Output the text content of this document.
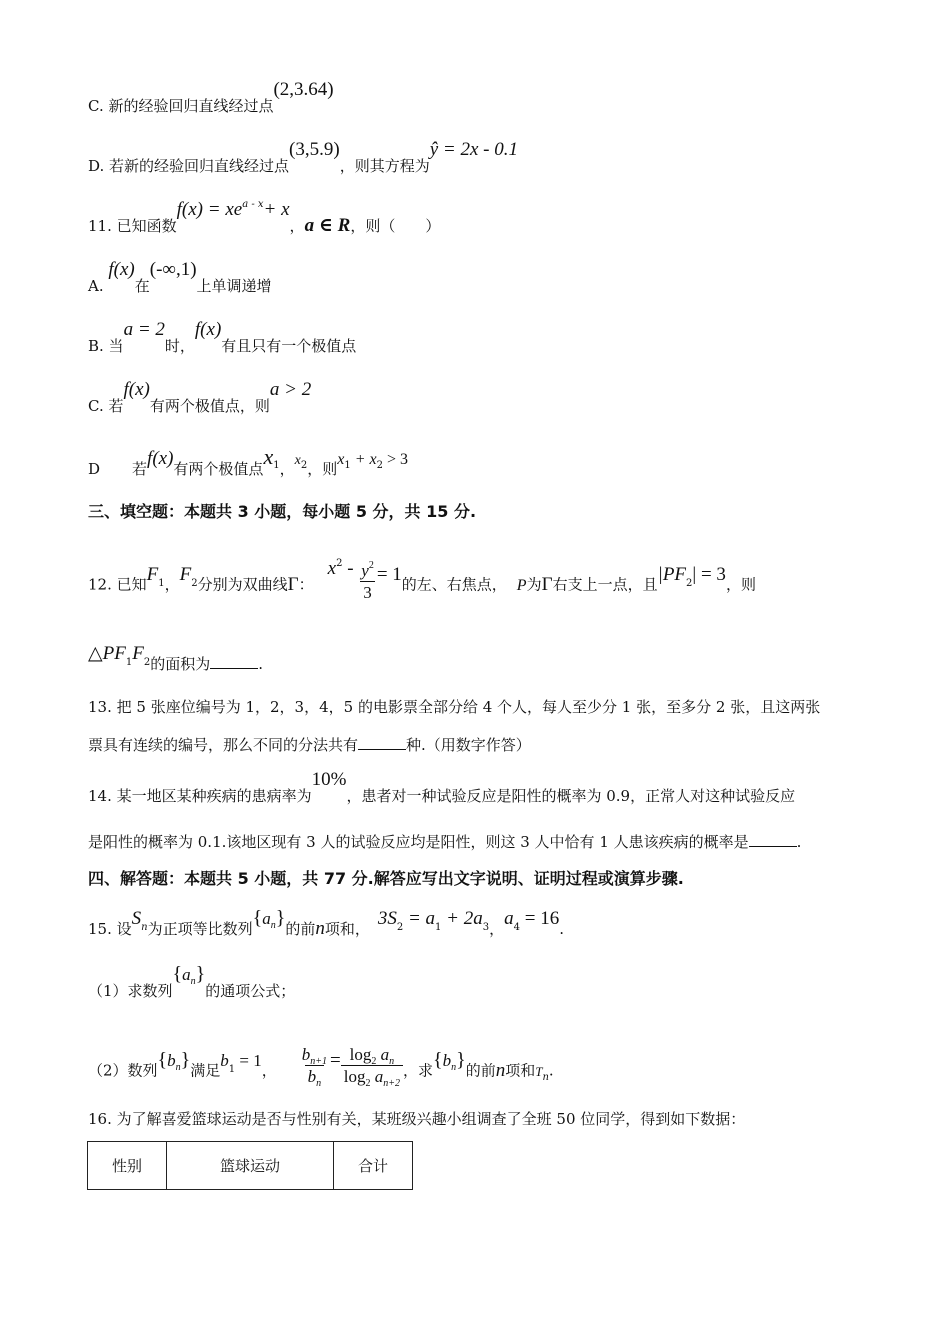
C. 新的经验回归直线经过点(2,3.64)
D. 若新的经验回归直线经过点(3,5.9)，则其方程为ŷ = 2x - 0.1
11. 已知函数$f(x) = xe^{a - x}+ x$，a ∈ R，则（　　）
A. f(x)在(-∞,1)上单调递增
B. 当a = 2时，f(x)有且只有一个极值点
C. 若f(x)有两个极值点，则a > 2
D 若f(x)有两个极值点$x^1$，$x^2$，则$x^1 + x^2 > 3$
三、填空题：本题共 3 小题，每小题 5 分，共 15 分.
12. 已知$F^1$，$F^2$分别为双曲线Γ：$x^2 - \frac{y^2}{3} = 1$的左、右焦点， P为Γ右支上一点，且$|PF^2| = 3$，则
$\triangle PF^1F^2$的面积为	.
13. 把 5 张座位编号为 1，2，3，4，5 的电影票全部分给 4 个人，每人至少分 1 张，至多分 2 张，且这两张
票具有连续的编号，那么不同的分法共有	种.（用数字作答）
14. 某一地区某种疾病的患病率为10%，患者对一种试验反应是阳性的概率为 0.9，正常人对这种试验反应
是阳性的概率为 0.1.该地区现有 3 人的试验反应均是阳性，则这 3 人中恰有 1 人患该疾病的概率是	.
四、解答题：本题共 5 小题，共 77 分.解答应写出文字说明、证明过程或演算步骤.
15. 设$S^n$为正项等比数列$\{a_n\}$的前n项和， $3S^2 = a^1 + 2a^3$，$a^4 = 16$.
（1）求数列$\{a_n\}$的通项公式；
（2）数列$\{b_n\}$满足$b^1 = 1$， $\frac{b_{n+1}}{b_n} = \frac{\log_2 a_n}{\log_2 a_{n+2}}$ ，求$\{b_n\}$的前n项和$T_n$.
16. 为了解喜爱篮球运动是否与性别有关，某班级兴趣小组调查了全班 50 位同学，得到如下数据：
性别	篮球运动	合计
